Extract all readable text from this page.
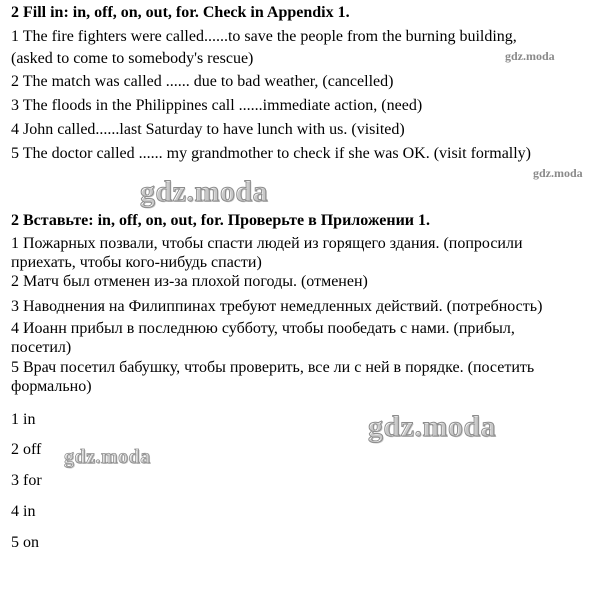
2 Fill in: in, off, on, out, for. Check in Appendix 1.
1 The fire fighters were called......to save the people from the burning building,
(asked to come to somebody's rescue)
2 The match was called ...... due to bad weather, (cancelled)
3 The floods in the Philippines call ......immediate action, (need)
4 John called......last Saturday to have lunch with us. (visited)
5 The doctor called ...... my grandmother to check if she was OK. (visit formally)
2 Вставьте: in, off, on, out, for. Проверьте в Приложении 1.
1 Пожарных позвали, чтобы спасти людей из горящего здания. (попросили
приехать, чтобы кого-нибудь спасти)
2 Матч был отменен из-за плохой погоды. (отменен)
3 Наводнения на Филиппинах требуют немедленных действий. (потребность)
4 Иоанн прибыл в последнюю субботу, чтобы пообедать с нами. (прибыл,
посетил)
5 Врач посетил бабушку, чтобы проверить, все ли с ней в порядке. (посетить
формально)
1 in
2 off
3 for
4 in
5 on
gdz.moda
gdz.moda
gdz.moda
gdz.moda
gdz.moda
